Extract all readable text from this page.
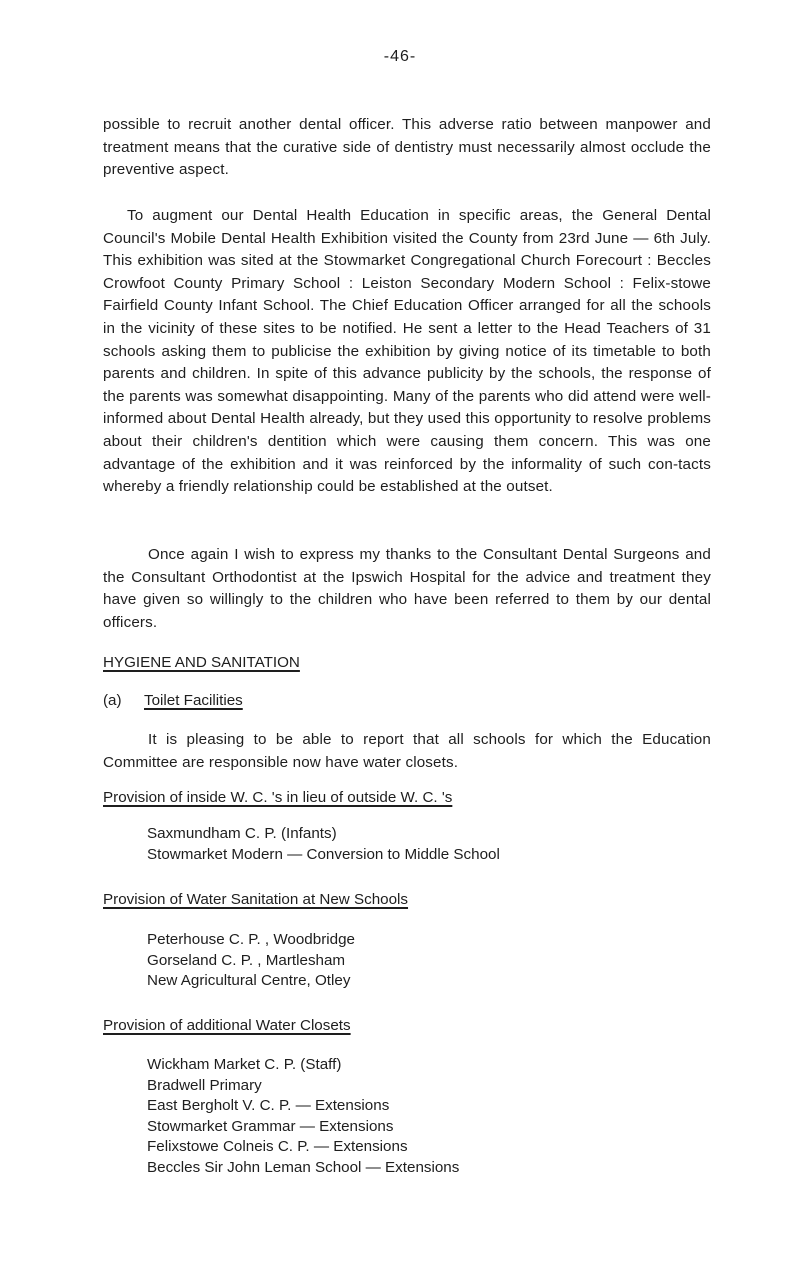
-46-
possible to recruit another dental officer. This adverse ratio between manpower and treatment means that the curative side of dentistry must necessarily almost occlude the preventive aspect.
To augment our Dental Health Education in specific areas, the General Dental Council's Mobile Dental Health Exhibition visited the County from 23rd June — 6th July. This exhibition was sited at the Stowmarket Congregational Church Forecourt : Beccles Crowfoot County Primary School : Leiston Secondary Modern School : Felix-stowe Fairfield County Infant School. The Chief Education Officer arranged for all the schools in the vicinity of these sites to be notified. He sent a letter to the Head Teachers of 31 schools asking them to publicise the exhibition by giving notice of its timetable to both parents and children. In spite of this advance publicity by the schools, the response of the parents was somewhat disappointing. Many of the parents who did attend were well-informed about Dental Health already, but they used this opportunity to resolve problems about their children's dentition which were causing them concern. This was one advantage of the exhibition and it was reinforced by the informality of such con-tacts whereby a friendly relationship could be established at the outset.
Once again I wish to express my thanks to the Consultant Dental Surgeons and the Consultant Orthodontist at the Ipswich Hospital for the advice and treatment they have given so willingly to the children who have been referred to them by our dental officers.
HYGIENE AND SANITATION
(a) Toilet Facilities
It is pleasing to be able to report that all schools for which the Education Committee are responsible now have water closets.
Provision of inside W. C. 's in lieu of outside W. C. 's
Saxmundham C. P. (Infants)
Stowmarket Modern — Conversion to Middle School
Provision of Water Sanitation at New Schools
Peterhouse C. P. , Woodbridge
Gorseland C. P. , Martlesham
New Agricultural Centre, Otley
Provision of additional Water Closets
Wickham Market C. P. (Staff)
Bradwell Primary
East Bergholt V. C. P. — Extensions
Stowmarket Grammar — Extensions
Felixstowe Colneis C. P. — Extensions
Beccles Sir John Leman School — Extensions
